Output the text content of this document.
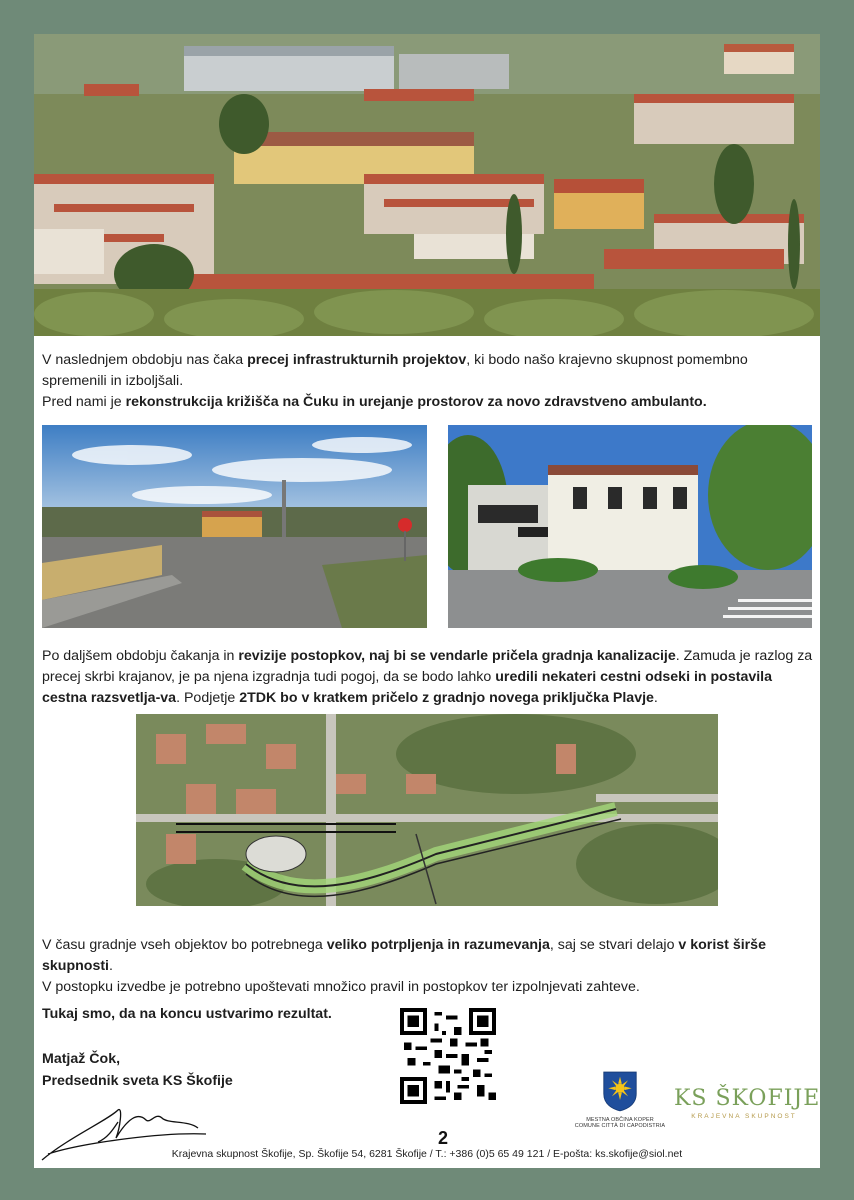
V naslednjem obdobju nas čaka precej infrastrukturnih projektov, ki bodo našo krajevno skupnost pomembno spremenili in izboljšali.
Pred nami je rekonstrukcija križišča na Čuku in urejanje prostorov za novo zdravstveno ambulanto.
Po daljšem obdobju čakanja in revizije postopkov, naj bi se vendarle pričela gradnja kanalizacije. Zamuda je razlog za precej skrbi krajanov, je pa njena izgradnja tudi pogoj, da se bodo lahko uredili nekateri cestni odseki in postavila cestna razsvetlja-va. Podjetje 2TDK bo v kratkem pričelo z gradnjo novega priključka Plavje.
V času gradnje vseh objektov bo potrebnega veliko potrpljenja in razumevanja, saj se stvari delajo v korist širše skupnosti.
V postopku izvedbe je potrebno upoštevati množico pravil in postopkov ter izpolnjevati zahteve.
Tukaj smo, da na koncu ustvarimo rezultat.
Matjaž Čok,
Predsednik sveta KS Škofije
MESTNA OBČINA KOPER
COMUNE CITTÀ DI CAPODISTRIA
KS ŠKOFIJE
KRAJEVNA SKUPNOST
2
Krajevna skupnost Škofije, Sp. Škofije 54, 6281 Škofije / T.: +386 (0)5 65 49 121 / E-pošta: ks.skofije@siol.net
